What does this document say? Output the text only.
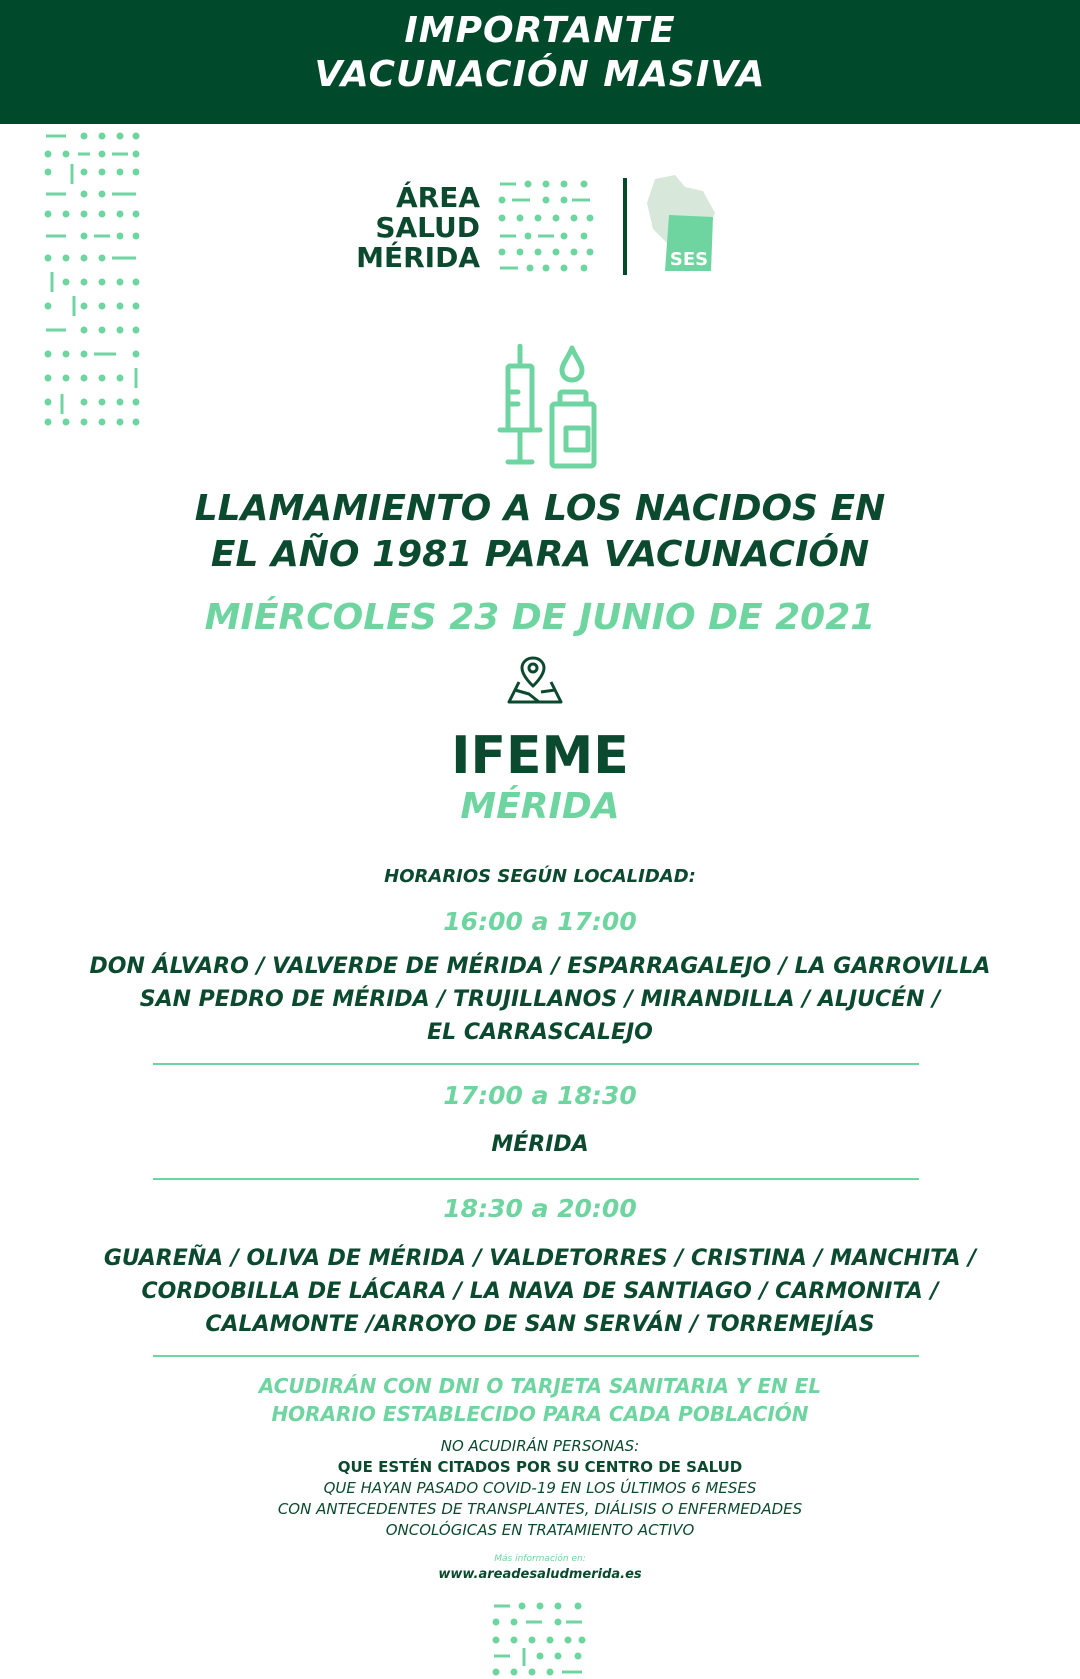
IMPORTANTE
VACUNACIÓN MASIVA
ÁREA
SALUD
MÉRIDA	SES
LLAMAMIENTO A LOS NACIDOS EN
EL AÑO 1981 PARA VACUNACIÓN
MIÉRCOLES 23 DE JUNIO DE 2021
IFEME
MÉRIDA
HORARIOS SEGÚN LOCALIDAD:
16:00 a 17:00
DON ÁLVARO / VALVERDE DE MÉRIDA / ESPARRAGALEJO / LA GARROVILLA
SAN PEDRO DE MÉRIDA / TRUJILLANOS / MIRANDILLA / ALJUCÉN /
EL CARRASCALEJO
17:00 a 18:30
MÉRIDA
18:30 a 20:00
GUAREÑA / OLIVA DE MÉRIDA / VALDETORRES / CRISTINA / MANCHITA /
CORDOBILLA DE LÁCARA / LA NAVA DE SANTIAGO / CARMONITA /
CALAMONTE /ARROYO DE SAN SERVÁN / TORREMEJÍAS
ACUDIRÁN CON DNI O TARJETA SANITARIA Y EN EL
HORARIO ESTABLECIDO PARA CADA POBLACIÓN
NO ACUDIRÁN PERSONAS:
QUE ESTÉN CITADOS POR SU CENTRO DE SALUD
QUE HAYAN PASADO COVID-19 EN LOS ÚLTIMOS 6 MESES
CON ANTECEDENTES DE TRANSPLANTES, DIÁLISIS O ENFERMEDADES
ONCOLÓGICAS EN TRATAMIENTO ACTIVO
Más información en:
www.areadesaludmerida.es
